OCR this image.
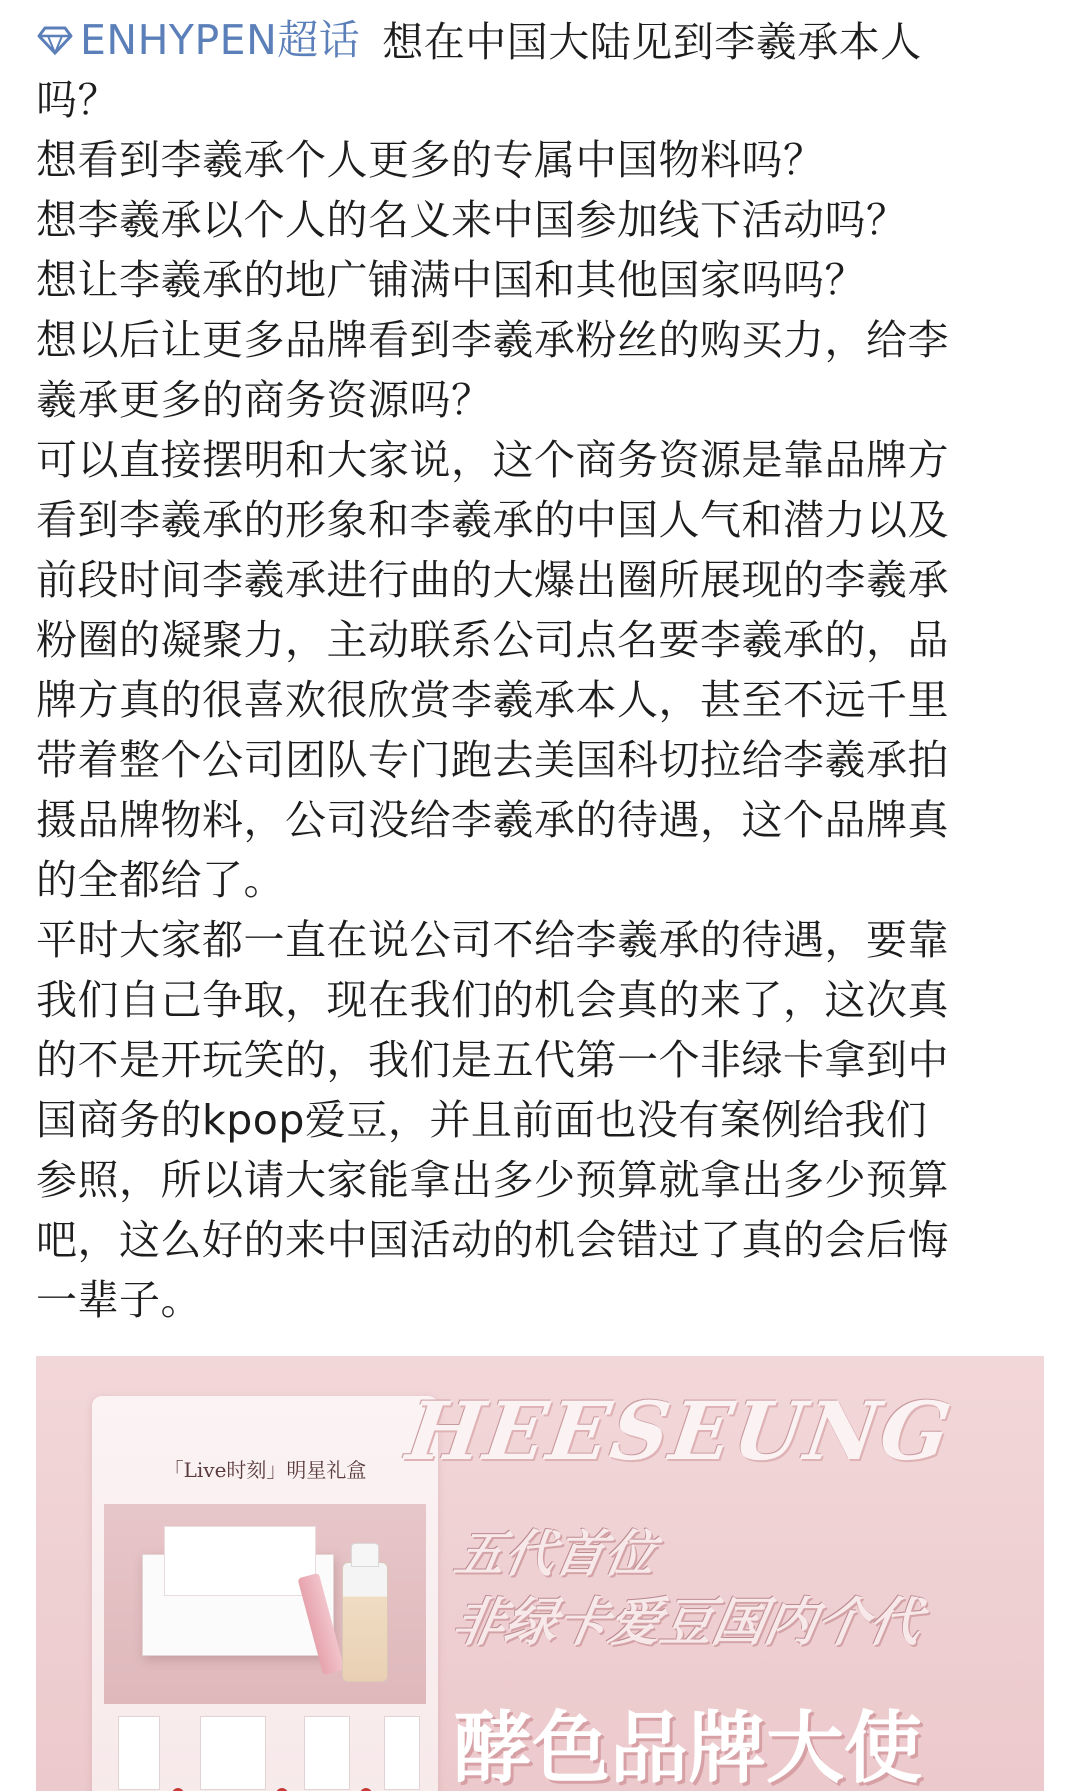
ENHYPEN超话 想在中国大陆见到李羲承本人
吗？
想看到李羲承个人更多的专属中国物料吗？
想李羲承以个人的名义来中国参加线下活动吗？
想让李羲承的地广铺满中国和其他国家吗吗？
想以后让更多品牌看到李羲承粉丝的购买力，给李
羲承更多的商务资源吗？
可以直接摆明和大家说，这个商务资源是靠品牌方
看到李羲承的形象和李羲承的中国人气和潜力以及
前段时间李羲承进行曲的大爆出圈所展现的李羲承
粉圈的凝聚力，主动联系公司点名要李羲承的，品
牌方真的很喜欢很欣赏李羲承本人，甚至不远千里
带着整个公司团队专门跑去美国科切拉给李羲承拍
摄品牌物料，公司没给李羲承的待遇，这个品牌真
的全都给了。
平时大家都一直在说公司不给李羲承的待遇，要靠
我们自己争取，现在我们的机会真的来了，这次真
的不是开玩笑的，我们是五代第一个非绿卡拿到中
国商务的kpop爱豆，并且前面也没有案例给我们
参照，所以请大家能拿出多少预算就拿出多少预算
吧，这么好的来中国活动的机会错过了真的会后悔
一辈子。
「Live时刻」明星礼盒 HEESEUNG
五代首位
非绿卡爱豆国内个代
酵色品牌大使
